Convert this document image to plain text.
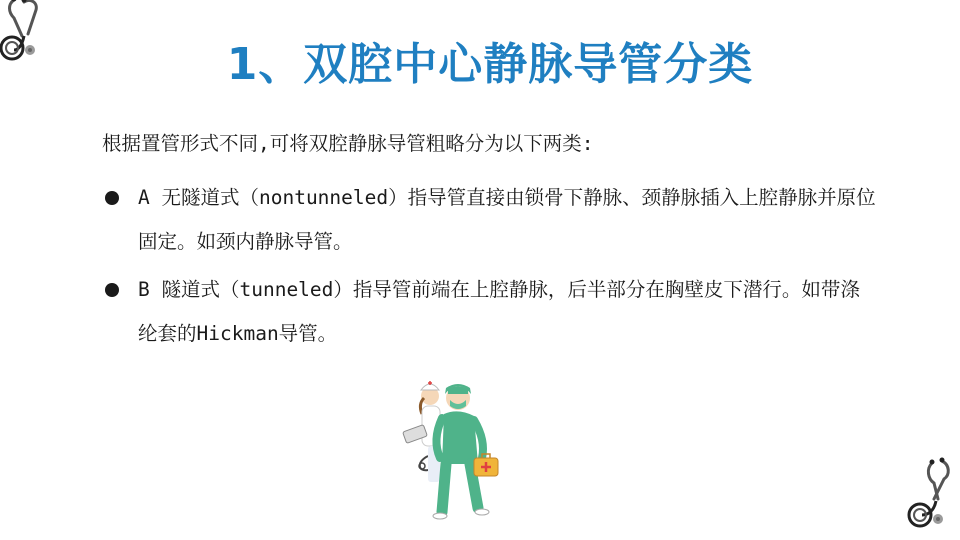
1、双腔中心静脉导管分类
根据置管形式不同,可将双腔静脉导管粗略分为以下两类:
A 无隧道式（nontunneled）指导管直接由锁骨下静脉、颈静脉插入上腔静脉并原位固定。如颈内静脉导管。
B 隧道式（tunneled）指导管前端在上腔静脉，后半部分在胸壁皮下潜行。如带涤纶套的Hickman导管。
